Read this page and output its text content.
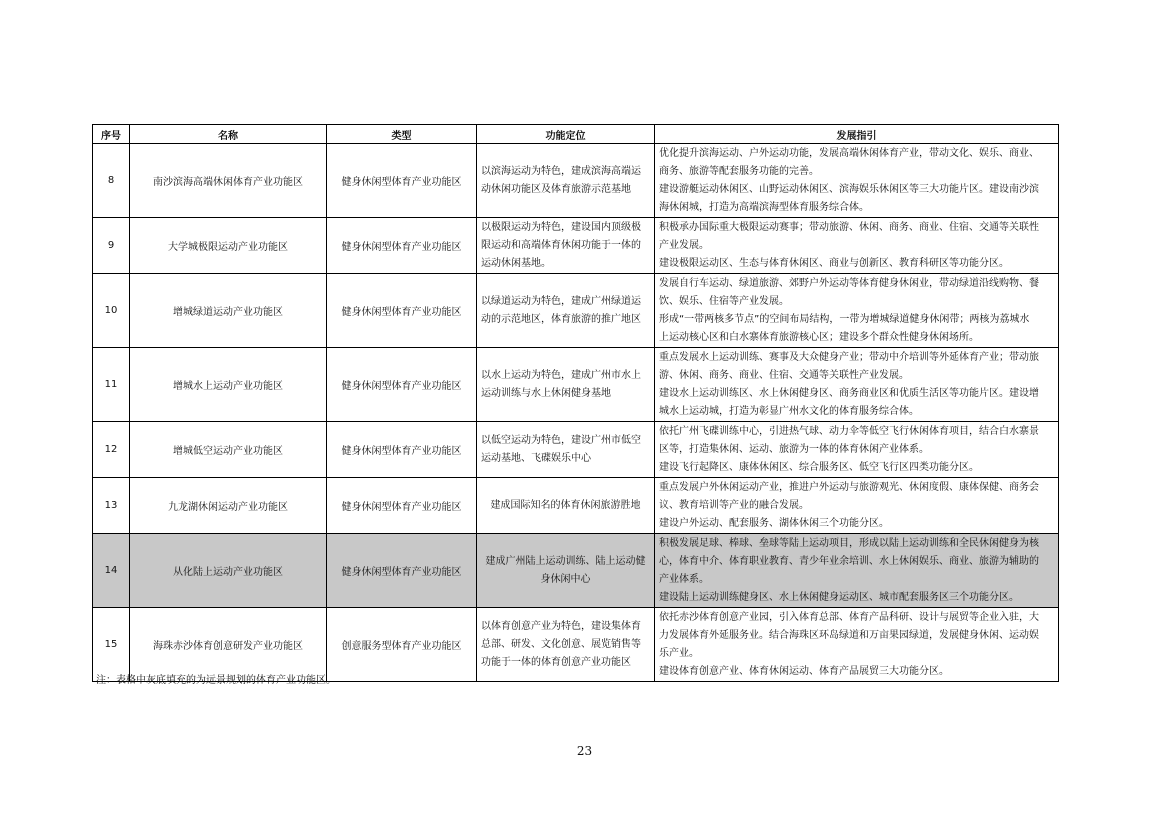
序号	名称	类型	功能定位	发展指引
8	南沙滨海高端休闲体育产业功能区	健身休闲型体育产业功能区	以滨海运动为特色，建成滨海高端运动休闲功能区及体育旅游示范基地	优化提升滨海运动、户外运动功能，发展高端休闲体育产业，带动文化、娱乐、商业、
商务、旅游等配套服务功能的完善。
建设游艇运动休闲区、山野运动休闲区、滨海娱乐休闲区等三大功能片区。建设南沙滨
海休闲城，打造为高端滨海型体育服务综合体。

9	大学城极限运动产业功能区	健身休闲型体育产业功能区	以极限运动为特色，建设国内顶级极限运动和高端体育休闲功能于一体的运动休闲基地。	积极承办国际重大极限运动赛事；带动旅游、休闲、商务、商业、住宿、交通等关联性
产业发展。
建设极限运动区、生态与体育休闲区、商业与创新区、教育科研区等功能分区。

10	增城绿道运动产业功能区	健身休闲型体育产业功能区	以绿道运动为特色，建成广州绿道运动的示范地区，体育旅游的推广地区	发展自行车运动、绿道旅游、郊野户外运动等体育健身休闲业，带动绿道沿线购物、餐
饮、娱乐、住宿等产业发展。
形成“一带两核多节点”的空间布局结构，一带为增城绿道健身休闲带；两核为荔城水
上运动核心区和白水寨体育旅游核心区；建设多个群众性健身休闲场所。

11	增城水上运动产业功能区	健身休闲型体育产业功能区	以水上运动为特色，建成广州市水上运动训练与水上休闲健身基地	重点发展水上运动训练、赛事及大众健身产业；带动中介培训等外延体育产业；带动旅
游、休闲、商务、商业、住宿、交通等关联性产业发展。
建设水上运动训练区、水上休闲健身区、商务商业区和优质生活区等功能片区。建设增
城水上运动城，打造为彰显广州水文化的体育服务综合体。

12	增城低空运动产业功能区	健身休闲型体育产业功能区	以低空运动为特色，建设广州市低空运动基地、飞碟娱乐中心	依托广州飞碟训练中心，引进热气球、动力伞等低空飞行休闲体育项目，结合白水寨景
区等，打造集休闲、运动、旅游为一体的体育休闲产业体系。
建设飞行起降区、康体休闲区、综合服务区、低空飞行区四类功能分区。

13	九龙湖休闲运动产业功能区	健身休闲型体育产业功能区	建成国际知名的体育休闲旅游胜地	重点发展户外休闲运动产业，推进户外运动与旅游观光、休闲度假、康体保健、商务会
议、教育培训等产业的融合发展。
建设户外运动、配套服务、湖体休闲三个功能分区。

14	从化陆上运动产业功能区	健身休闲型体育产业功能区	建成广州陆上运动训练、陆上运动健身休闲中心	积极发展足球、棒球、垒球等陆上运动项目，形成以陆上运动训练和全民休闲健身为核
心，体育中介、体育职业教育、青少年业余培训、水上休闲娱乐、商业、旅游为辅助的
产业体系。
建设陆上运动训练健身区、水上休闲健身运动区、城市配套服务区三个功能分区。

15	海珠赤沙体育创意研发产业功能区	创意服务型体育产业功能区	以体育创意产业为特色，建设集体育总部、研发、文化创意、展览销售等功能于一体的体育创意产业功能区	依托赤沙体育创意产业园，引入体育总部、体育产品科研、设计与展贸等企业入驻，大
力发展体育外延服务业。结合海珠区环岛绿道和万亩果园绿道，发展健身休闲、运动娱
乐产业。
建设体育创意产业、体育休闲运动、体育产品展贸三大功能分区。
注：表格中灰底填充的为远景规划的体育产业功能区。
23
